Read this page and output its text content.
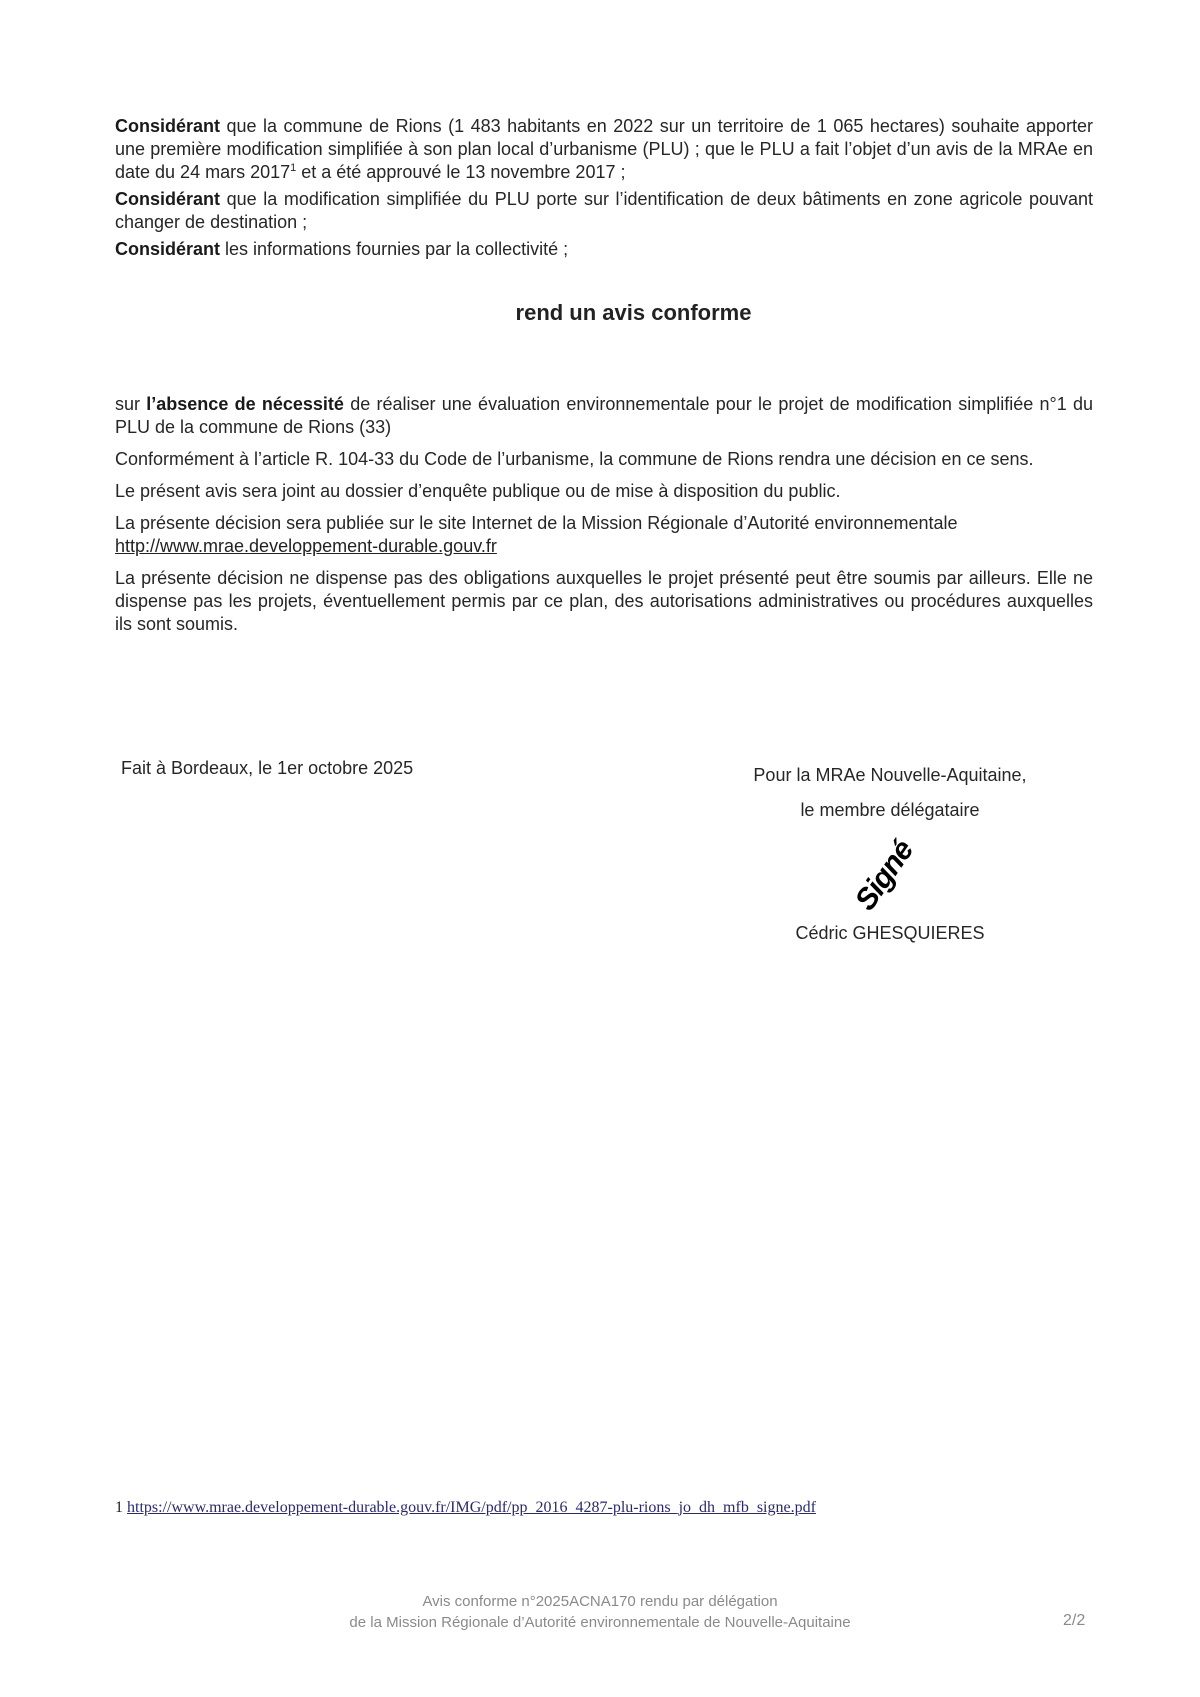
Considérant que la commune de Rions (1 483 habitants en 2022 sur un territoire de 1 065 hectares) souhaite apporter une première modification simplifiée à son plan local d’urbanisme (PLU) ; que le PLU a fait l’objet d’un avis de la MRAe en date du 24 mars 2017$^1$ et a été approuvé le 13 novembre 2017 ;

Considérant que la modification simplifiée du PLU porte sur l’identification de deux bâtiments en zone agricole pouvant changer de destination ;

Considérant les informations fournies par la collectivité ;

rend un avis conforme

sur l’absence de nécessité de réaliser une évaluation environnementale pour le projet de modification simplifiée n°1 du PLU de la commune de Rions (33)

Conformément à l’article R. 104-33 du Code de l’urbanisme, la commune de Rions rendra une décision en ce sens.

Le présent avis sera joint au dossier d’enquête publique ou de mise à disposition du public.

La présente décision sera publiée sur le site Internet de la Mission Régionale d’Autorité environnementale
http://www.mrae.developpement-durable.gouv.fr

La présente décision ne dispense pas des obligations auxquelles le projet présenté peut être soumis par ailleurs. Elle ne dispense pas les projets, éventuellement permis par ce plan, des autorisations administratives ou procédures auxquelles ils sont soumis.

Fait à Bordeaux, le 1er octobre 2025	Pour la MRAe Nouvelle-Aquitaine,
le membre délégataire
Signé
Cédric GHESQUIERES
1 https://www.mrae.developpement-durable.gouv.fr/IMG/pdf/pp_2016_4287-plu-rions_jo_dh_mfb_signe.pdf
Avis conforme n°2025ACNA170 rendu par délégation
de la Mission Régionale d’Autorité environnementale de Nouvelle-Aquitaine	2/2
